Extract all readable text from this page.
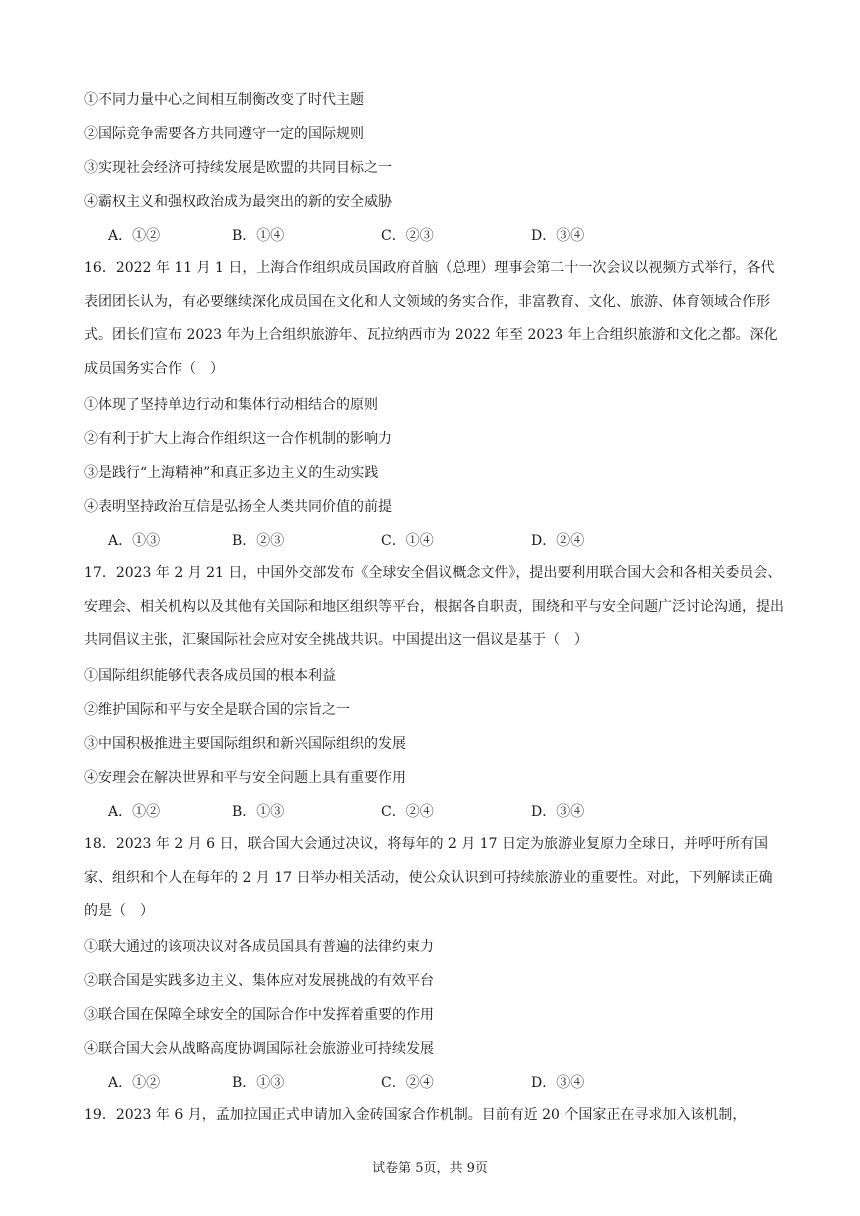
①不同力量中心之间相互制衡改变了时代主题
②国际竞争需要各方共同遵守一定的国际规则
③实现社会经济可持续发展是欧盟的共同目标之一
④霸权主义和强权政治成为最突出的新的安全威胁
A．①②	B．①④	C．②③	D．③④
16．2022 年 11 月 1 日，上海合作组织成员国政府首脑（总理）理事会第二十一次会议以视频方式举行，各代表团团长认为，有必要继续深化成员国在文化和人文领域的务实合作，非富教育、文化、旅游、体育领域合作形式。团长们宣布 2023 年为上合组织旅游年、瓦拉纳西市为 2022 年至 2023 年上合组织旅游和文化之都。深化成员国务实合作（　）
①体现了坚持单边行动和集体行动相结合的原则
②有利于扩大上海合作组织这一合作机制的影响力
③是践行“上海精神”和真正多边主义的生动实践
④表明坚持政治互信是弘扬全人类共同价值的前提
A．①③	B．②③	C．①④	D．②④
17．2023 年 2 月 21 日，中国外交部发布《全球安全倡议概念文件》，提出要利用联合国大会和各相关委员会、安理会、相关机构以及其他有关国际和地区组织等平台，根据各自职责，围绕和平与安全问题广泛讨论沟通，提出共同倡议主张，汇聚国际社会应对安全挑战共识。中国提出这一倡议是基于（　）
①国际组织能够代表各成员国的根本利益
②维护国际和平与安全是联合国的宗旨之一
③中国积极推进主要国际组织和新兴国际组织的发展
④安理会在解决世界和平与安全问题上具有重要作用
A．①②	B．①③	C．②④	D．③④
18．2023 年 2 月 6 日，联合国大会通过决议，将每年的 2 月 17 日定为旅游业复原力全球日，并呼吁所有国家、组织和个人在每年的 2 月 17 日举办相关活动，使公众认识到可持续旅游业的重要性。对此，下列解读正确的是（　）
①联大通过的该项决议对各成员国具有普遍的法律约束力
②联合国是实践多边主义、集体应对发展挑战的有效平台
③联合国在保障全球安全的国际合作中发挥着重要的作用
④联合国大会从战略高度协调国际社会旅游业可持续发展
A．①②	B．①③	C．②④	D．③④
19．2023 年 6 月，孟加拉国正式申请加入金砖国家合作机制。目前有近 20 个国家正在寻求加入该机制，
试卷第 5页，共 9页
